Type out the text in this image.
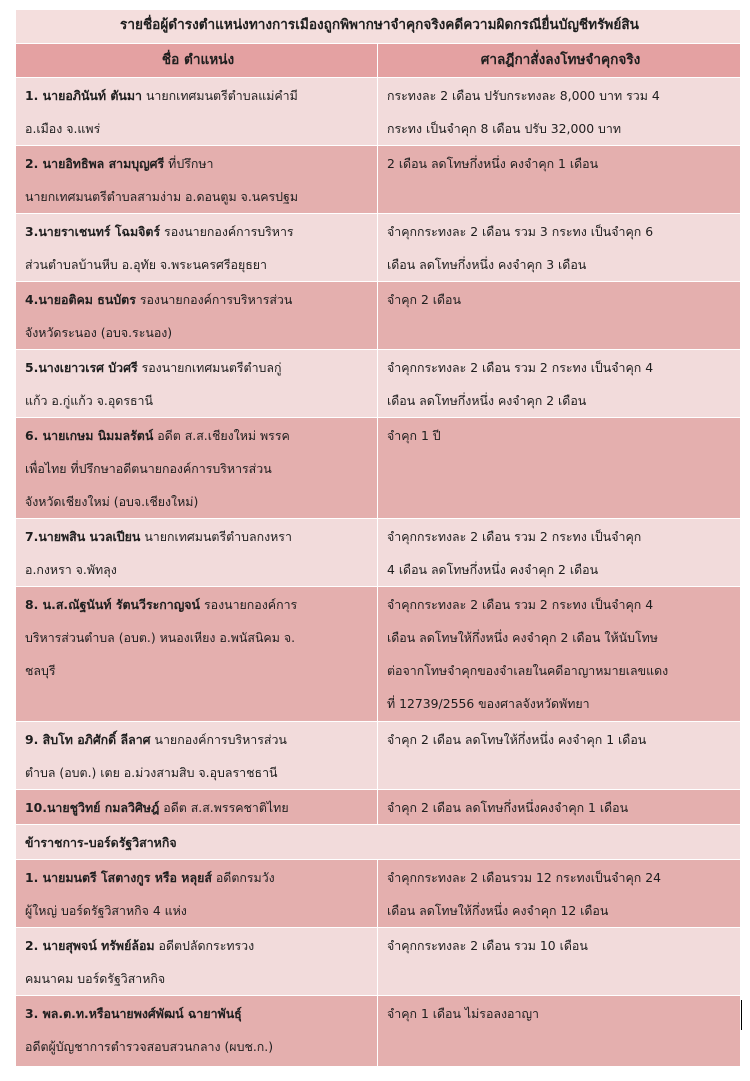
รายชื่อผู้ดำรงตำแหน่งทางการเมืองถูกพิพากษาจำคุกจริงคดีความผิดกรณียื่นบัญชีทรัพย์สิน	
ชื่อ ตำแหน่ง	ศาลฎีกาสั่งลงโทษจำคุกจริง
1. นายอภินันท์ ตันมา นายกเทศมนตรีตำบลแม่คำมี
อ.เมือง จ.แพร่	กระทงละ 2 เดือน ปรับกระทงละ 8,000 บาท รวม 4
กระทง เป็นจำคุก 8 เดือน ปรับ 32,000 บาท
2. นายอิทธิพล สามบุญศรี ที่ปรึกษา
นายกเทศมนตรีตำบลสามง่าม อ.ดอนตูม จ.นครปฐม	2 เดือน ลดโทษกึ่งหนึ่ง คงจำคุก 1 เดือน
3.นายราเชนทร์ โฉมจิตร์ รองนายกองค์การบริหาร
ส่วนตำบลบ้านหีบ อ.อุทัย จ.พระนครศรีอยุธยา	จำคุกกระทงละ 2 เดือน รวม 3 กระทง เป็นจำคุก 6
เดือน ลดโทษกึ่งหนึ่ง คงจำคุก 3 เดือน
4.นายอติคม ธนบัตร รองนายกองค์การบริหารส่วน
จังหวัดระนอง (อบจ.ระนอง)	จำคุก 2 เดือน
5.นางเยาวเรศ บัวศรี รองนายกเทศมนตรีตำบลกู่
แก้ว อ.กู่แก้ว จ.อุดรธานี	จำคุกกระทงละ 2 เดือน รวม 2 กระทง เป็นจำคุก 4
เดือน ลดโทษกึ่งหนึ่ง คงจำคุก 2 เดือน
6. นายเกษม นิมมลรัตน์ อดีต ส.ส.เชียงใหม่ พรรค
เพื่อไทย ที่ปรึกษาอดีตนายกองค์การบริหารส่วน
จังหวัดเชียงใหม่ (อบจ.เชียงใหม่)	จำคุก 1 ปี
7.นายพสิน นวลเปียน นายกเทศมนตรีตำบลกงหรา
อ.กงหรา จ.พัทลุง	จำคุกกระทงละ 2 เดือน รวม 2 กระทง เป็นจำคุก
4 เดือน ลดโทษกึ่งหนึ่ง คงจำคุก 2 เดือน
8. น.ส.ณัฐนันท์ รัตนวีระกาญจน์ รองนายกองค์การ
บริหารส่วนตำบล (อบต.) หนองเหียง อ.พนัสนิคม จ.
ชลบุรี	จำคุกกระทงละ 2 เดือน รวม 2 กระทง เป็นจำคุก 4
เดือน ลดโทษให้กึ่งหนึ่ง คงจำคุก 2 เดือน ให้นับโทษ
ต่อจากโทษจำคุกของจำเลยในคดีอาญาหมายเลขแดง
ที่ 12739/2556 ของศาลจังหวัดพัทยา
9. สิบโท อภิศักดิ์ ลีลาศ นายกองค์การบริหารส่วน
ตำบล (อบต.) เตย อ.ม่วงสามสิบ จ.อุบลราชธานี	จำคุก 2 เดือน ลดโทษให้กึ่งหนึ่ง คงจำคุก 1 เดือน
10.นายชูวิทย์ กมลวิศิษฎ์ อดีต ส.ส.พรรคชาติไทย	จำคุก 2 เดือน ลดโทษกึ่งหนึ่งคงจำคุก 1 เดือน
ข้าราชการ-บอร์ดรัฐวิสาหกิจ	
1. นายมนตรี โสตางกูร หรือ หลุยส์ อดีตกรมวัง
ผู้ใหญ่ บอร์ดรัฐวิสาหกิจ 4 แห่ง	จำคุกกระทงละ 2 เดือนรวม 12 กระทงเป็นจำคุก 24
เดือน ลดโทษให้กึ่งหนึ่ง คงจำคุก 12 เดือน
2. นายสุพจน์ ทรัพย์ล้อม อดีตปลัดกระทรวง
คมนาคม บอร์ดรัฐวิสาหกิจ	จำคุกกระทงละ 2 เดือน รวม 10 เดือน
3. พล.ต.ท.หรือนายพงศ์พัฒน์ ฉายาพันธุ์
อดีตผู้บัญชาการตำรวจสอบสวนกลาง (ผบช.ก.)	จำคุก 1 เดือน ไม่รอลงอาญา
